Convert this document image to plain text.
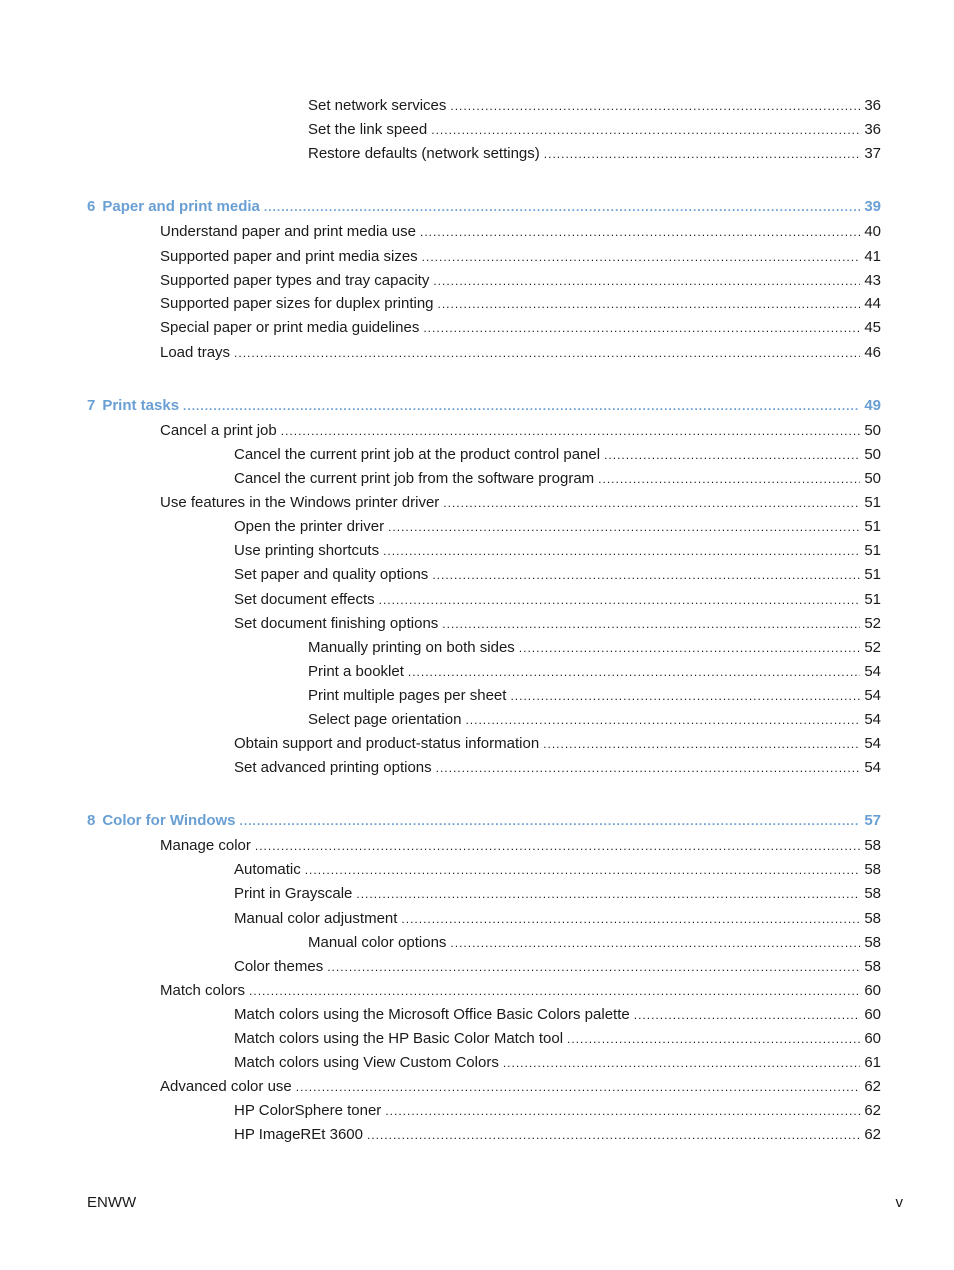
Set network services .....	36
Set the link speed .....	36
Restore defaults (network settings) .....	37
6 Paper and print media .....	39
Understand paper and print media use .....	40
Supported paper and print media sizes .....	41
Supported paper types and tray capacity .....	43
Supported paper sizes for duplex printing .....	44
Special paper or print media guidelines .....	45
Load trays .....	46
7 Print tasks .....	49
Cancel a print job .....	50
Cancel the current print job at the product control panel .....	50
Cancel the current print job from the software program .....	50
Use features in the Windows printer driver .....	51
Open the printer driver .....	51
Use printing shortcuts .....	51
Set paper and quality options .....	51
Set document effects .....	51
Set document finishing options .....	52
Manually printing on both sides .....	52
Print a booklet .....	54
Print multiple pages per sheet .....	54
Select page orientation .....	54
Obtain support and product-status information .....	54
Set advanced printing options .....	54
8 Color for Windows .....	57
Manage color .....	58
Automatic .....	58
Print in Grayscale .....	58
Manual color adjustment .....	58
Manual color options .....	58
Color themes .....	58
Match colors .....	60
Match colors using the Microsoft Office Basic Colors palette .....	60
Match colors using the HP Basic Color Match tool .....	60
Match colors using View Custom Colors .....	61
Advanced color use .....	62
HP ColorSphere toner .....	62
HP ImageREt 3600 .....	62
ENWW	v
